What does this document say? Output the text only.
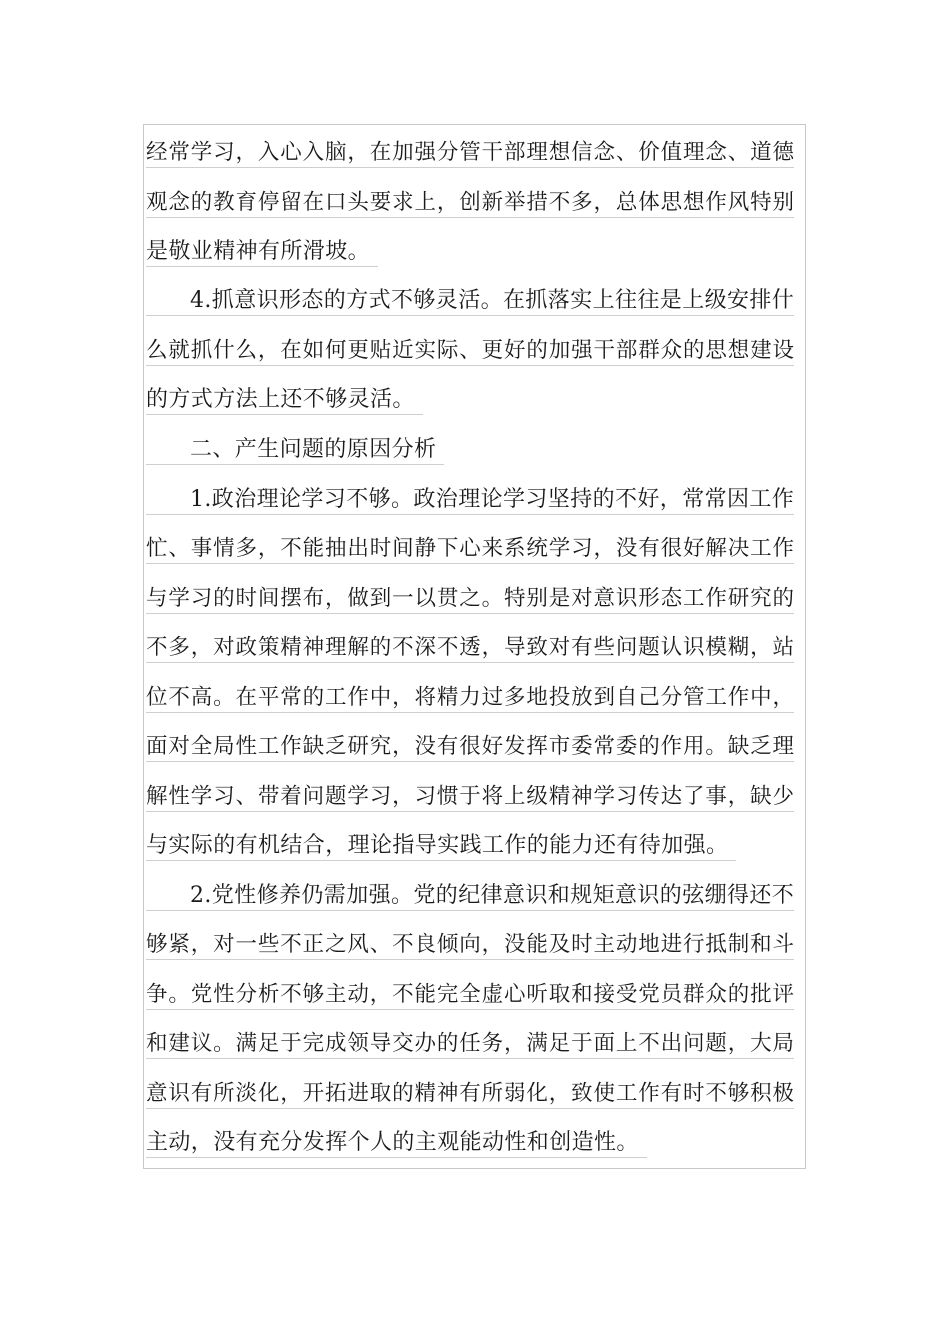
经常学习，入心入脑，在加强分管干部理想信念、价值理念、道德
观念的教育停留在口头要求上，创新举措不多，总体思想作风特别
是敬业精神有所滑坡。
4.抓意识形态的方式不够灵活。在抓落实上往往是上级安排什
么就抓什么，在如何更贴近实际、更好的加强干部群众的思想建设
的方式方法上还不够灵活。
二、产生问题的原因分析
1.政治理论学习不够。政治理论学习坚持的不好，常常因工作
忙、事情多，不能抽出时间静下心来系统学习，没有很好解决工作
与学习的时间摆布，做到一以贯之。特别是对意识形态工作研究的
不多，对政策精神理解的不深不透，导致对有些问题认识模糊，站
位不高。在平常的工作中，将精力过多地投放到自己分管工作中，
面对全局性工作缺乏研究，没有很好发挥市委常委的作用。缺乏理
解性学习、带着问题学习，习惯于将上级精神学习传达了事，缺少
与实际的有机结合，理论指导实践工作的能力还有待加强。
2.党性修养仍需加强。党的纪律意识和规矩意识的弦绷得还不
够紧，对一些不正之风、不良倾向，没能及时主动地进行抵制和斗
争。党性分析不够主动，不能完全虚心听取和接受党员群众的批评
和建议。满足于完成领导交办的任务，满足于面上不出问题，大局
意识有所淡化，开拓进取的精神有所弱化，致使工作有时不够积极
主动，没有充分发挥个人的主观能动性和创造性。
